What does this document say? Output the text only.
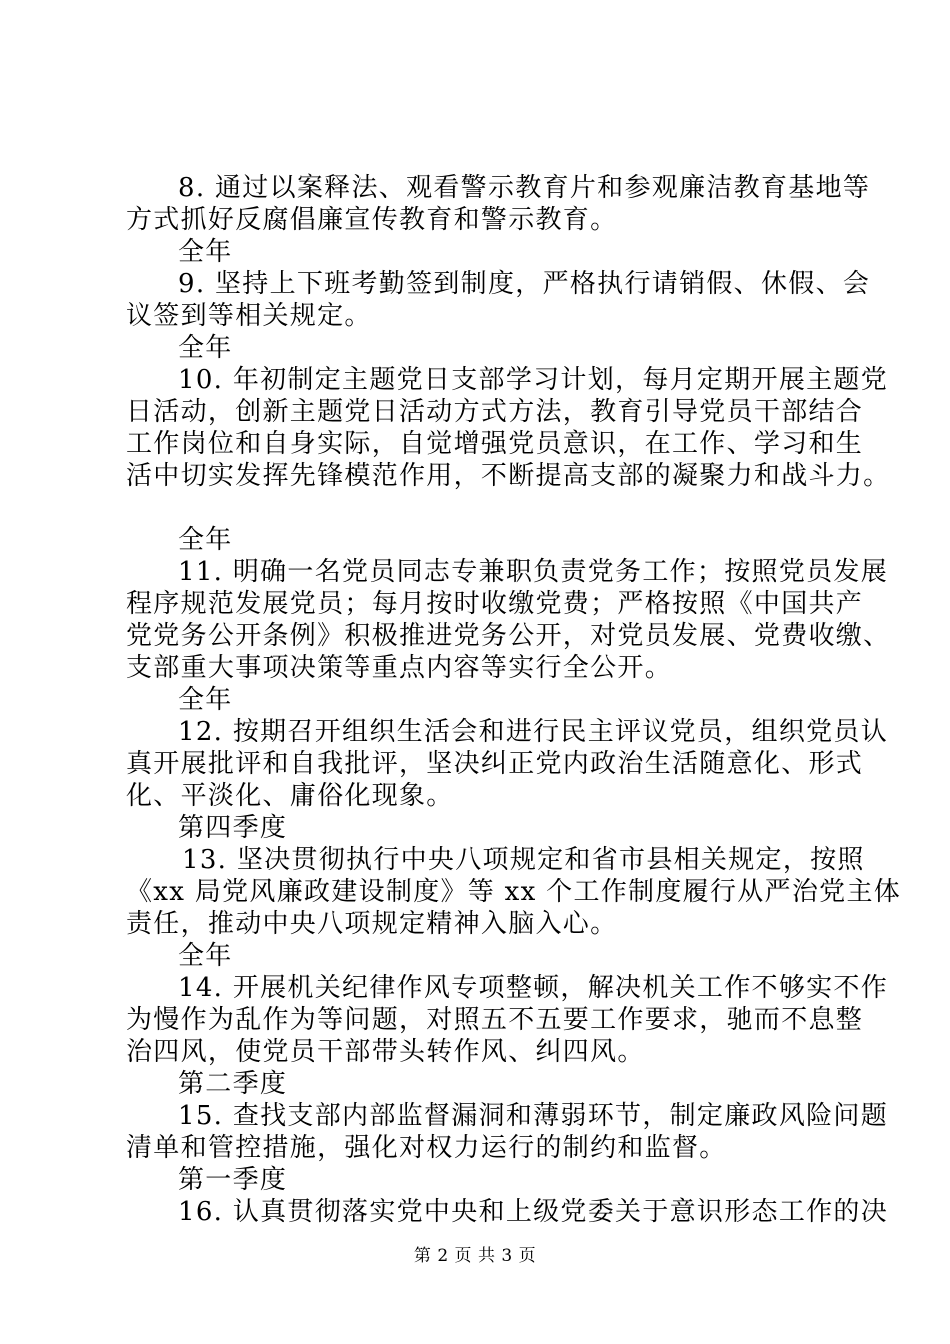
8. 通过以案释法、观看警示教育片和参观廉洁教育基地等
方式抓好反腐倡廉宣传教育和警示教育。
全年
9. 坚持上下班考勤签到制度，严格执行请销假、休假、会
议签到等相关规定。
全年
10. 年初制定主题党日支部学习计划，每月定期开展主题党
日活动，创新主题党日活动方式方法，教育引导党员干部结合
工作岗位和自身实际，自觉增强党员意识，在工作、学习和生
活中切实发挥先锋模范作用，不断提高支部的凝聚力和战斗力。
全年
11. 明确一名党员同志专兼职负责党务工作；按照党员发展
程序规范发展党员；每月按时收缴党费；严格按照《中国共产
党党务公开条例》积极推进党务公开，对党员发展、党费收缴、
支部重大事项决策等重点内容等实行全公开。
全年
12. 按期召开组织生活会和进行民主评议党员，组织党员认
真开展批评和自我批评，坚决纠正党内政治生活随意化、形式
化、平淡化、庸俗化现象。
第四季度
13. 坚决贯彻执行中央八项规定和省市县相关规定，按照
《xx 局党风廉政建设制度》等 xx 个工作制度履行从严治党主体
责任，推动中央八项规定精神入脑入心。
全年
14. 开展机关纪律作风专项整顿，解决机关工作不够实不作
为慢作为乱作为等问题，对照五不五要工作要求，驰而不息整
治四风，使党员干部带头转作风、纠四风。
第二季度
15. 查找支部内部监督漏洞和薄弱环节，制定廉政风险问题
清单和管控措施，强化对权力运行的制约和监督。
第一季度
16. 认真贯彻落实党中央和上级党委关于意识形态工作的决
第 2 页 共 3 页
